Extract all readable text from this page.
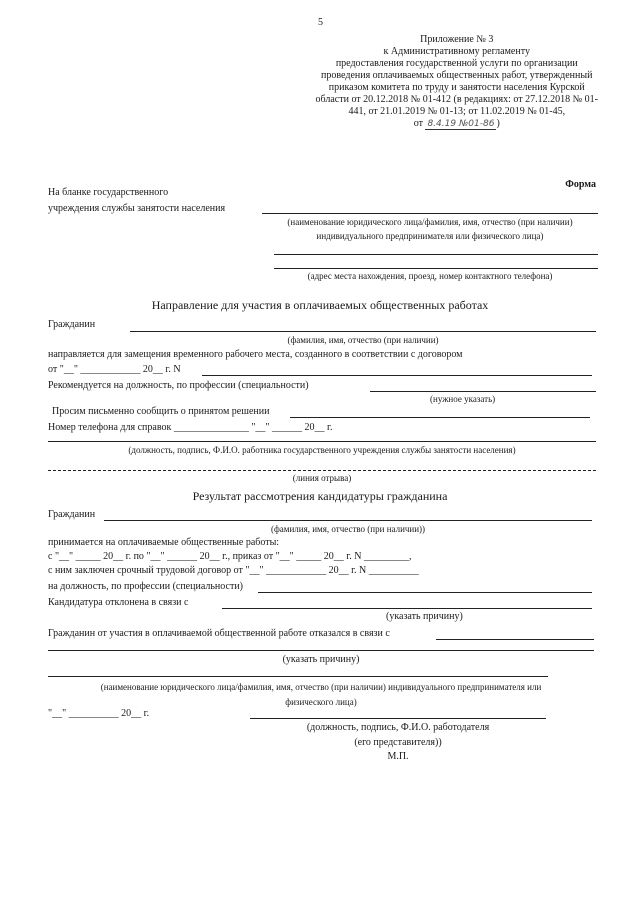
5
Приложение № 3
к Административному регламенту
предоставления государственной услуги по организации
проведения оплачиваемых общественных работ, утвержденный
приказом комитета по труду и занятости населения Курской
области от 20.12.2018 № 01-412 (в редакциях: от 27.12.2018 № 01-
441, от 21.01.2019 № 01-13; от 11.02.2019 № 01-45,
от 8.4.19 №01-86 )
Форма
На бланке государственного
учреждения службы занятости населения
(наименование юридического лица/фамилия, имя, отчество (при наличии)
индивидуального предпринимателя или физического лица)
(адрес места нахождения, проезд, номер контактного телефона)
Направление для участия в оплачиваемых общественных работах
Гражданин
(фамилия, имя, отчество (при наличии)
направляется для замещения временного рабочего места, созданного в соответствии с договором
от "__" ____________ 20__ г. N
Рекомендуется на должность, по профессии (специальности)
(нужное указать)
Просим письменно сообщить о принятом решении
Номер телефона для справок _______________ "__" ______ 20__ г.
(должность, подпись, Ф.И.О. работника государственного учреждения службы занятости населения)
(линия отрыва)
Результат рассмотрения кандидатуры гражданина
Гражданин
(фамилия, имя, отчество (при наличии))
принимается на оплачиваемые общественные работы:
с "__" _____ 20__ г. по "__" ______ 20__ г., приказ от "__" _____ 20__ г. N _________,
с ним заключен срочный трудовой договор от "__" ____________ 20__ г. N __________
на должность, по профессии (специальности)
Кандидатура отклонена в связи с
(указать причину)
Гражданин от участия в оплачиваемой общественной работе отказался в связи с
(указать причину)
(наименование юридического лица/фамилия, имя, отчество (при наличии) индивидуального предпринимателя или
физического лица)
"__" __________ 20__ г.
(должность, подпись, Ф.И.О. работодателя
(его представителя))
М.П.
